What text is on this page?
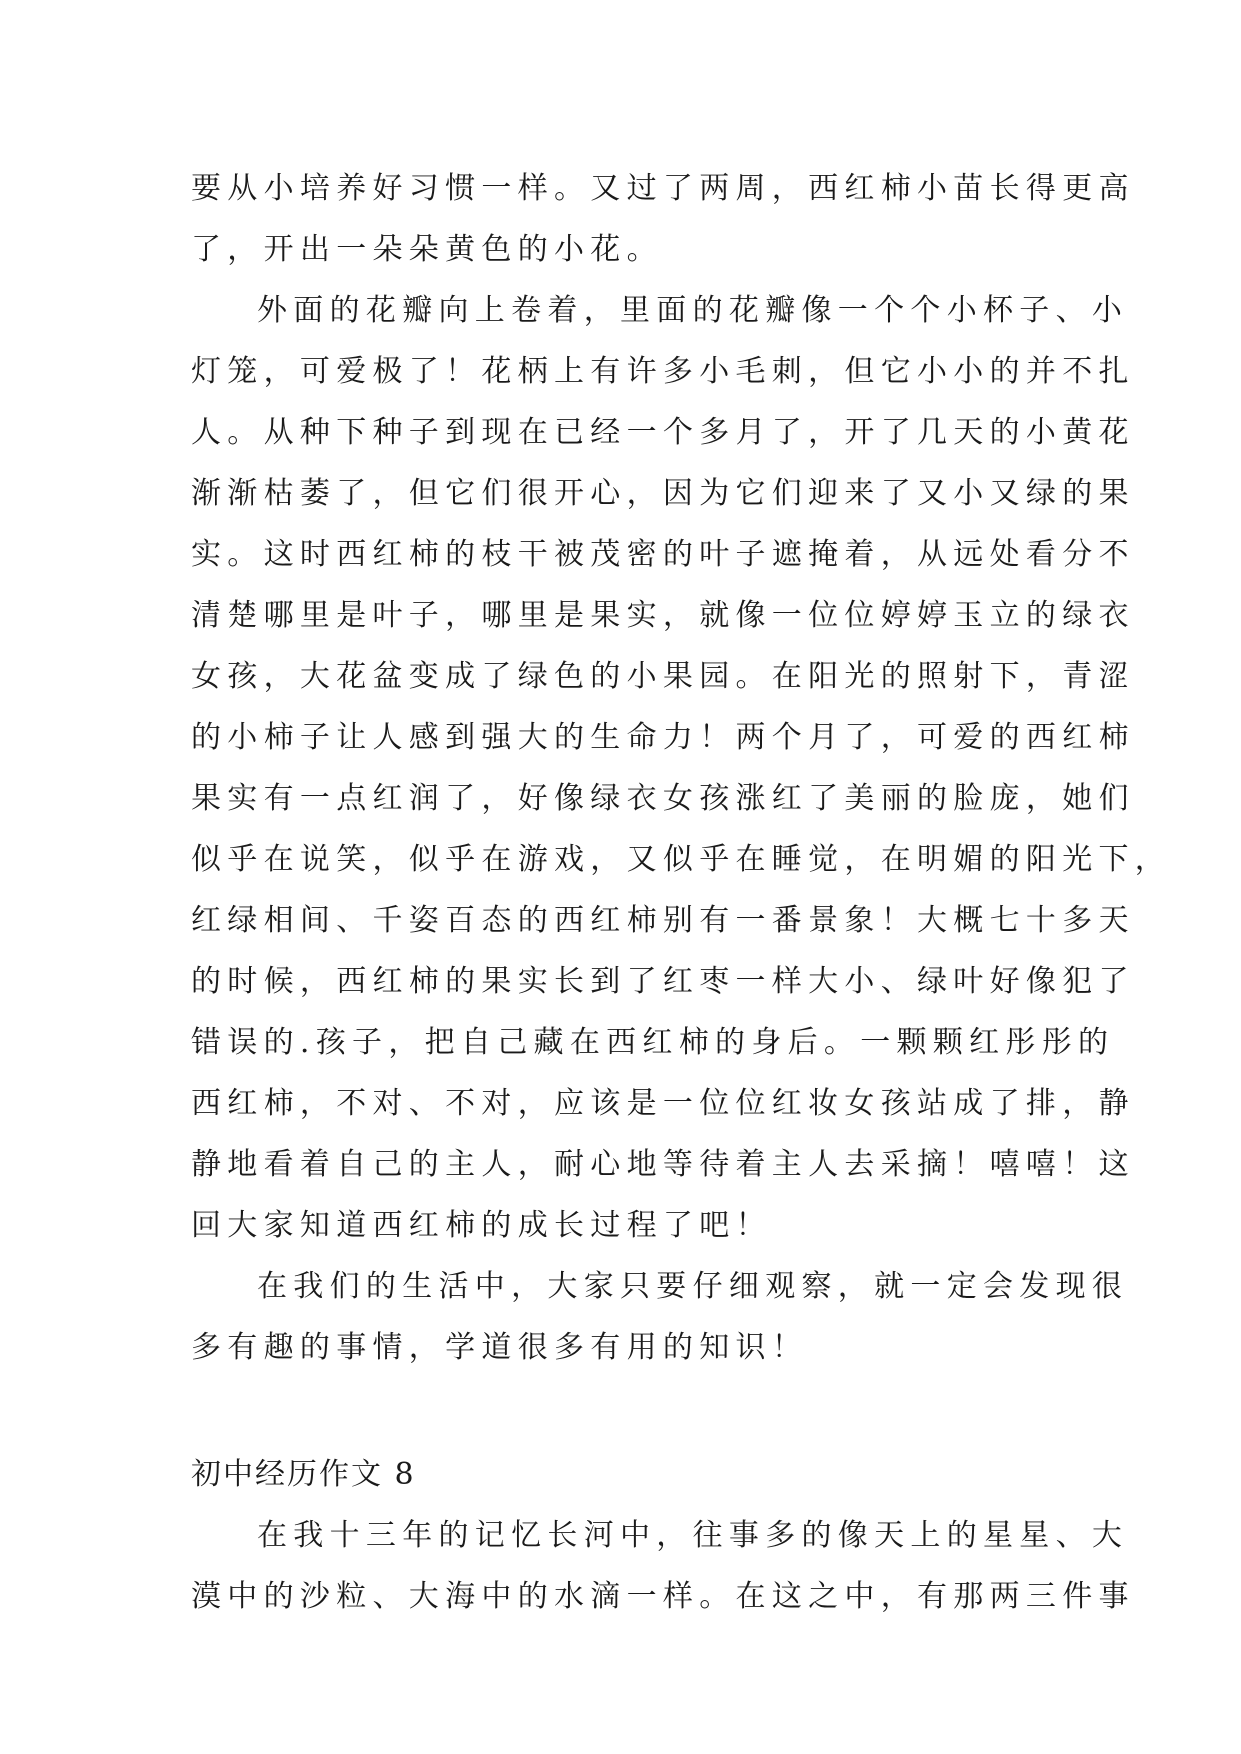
要从小培养好习惯一样。又过了两周，西红柿小苗长得更高
了，开出一朵朵黄色的小花。
外面的花瓣向上卷着，里面的花瓣像一个个小杯子、小
灯笼，可爱极了！花柄上有许多小毛刺，但它小小的并不扎
人。从种下种子到现在已经一个多月了，开了几天的小黄花
渐渐枯萎了，但它们很开心，因为它们迎来了又小又绿的果
实。这时西红柿的枝干被茂密的叶子遮掩着，从远处看分不
清楚哪里是叶子，哪里是果实，就像一位位婷婷玉立的绿衣
女孩，大花盆变成了绿色的小果园。在阳光的照射下，青涩
的小柿子让人感到强大的生命力！两个月了，可爱的西红柿
果实有一点红润了，好像绿衣女孩涨红了美丽的脸庞，她们
似乎在说笑，似乎在游戏，又似乎在睡觉，在明媚的阳光下，
红绿相间、千姿百态的西红柿别有一番景象！大概七十多天
的时候，西红柿的果实长到了红枣一样大小、绿叶好像犯了
错误的.孩子，把自己藏在西红柿的身后。一颗颗红彤彤的
西红柿，不对、不对，应该是一位位红妆女孩站成了排，静
静地看着自己的主人，耐心地等待着主人去采摘！嘻嘻！这
回大家知道西红柿的成长过程了吧！
在我们的生活中，大家只要仔细观察，就一定会发现很
多有趣的事情，学道很多有用的知识！
初中经历作文 8
在我十三年的记忆长河中，往事多的像天上的星星、大
漠中的沙粒、大海中的水滴一样。在这之中，有那两三件事
